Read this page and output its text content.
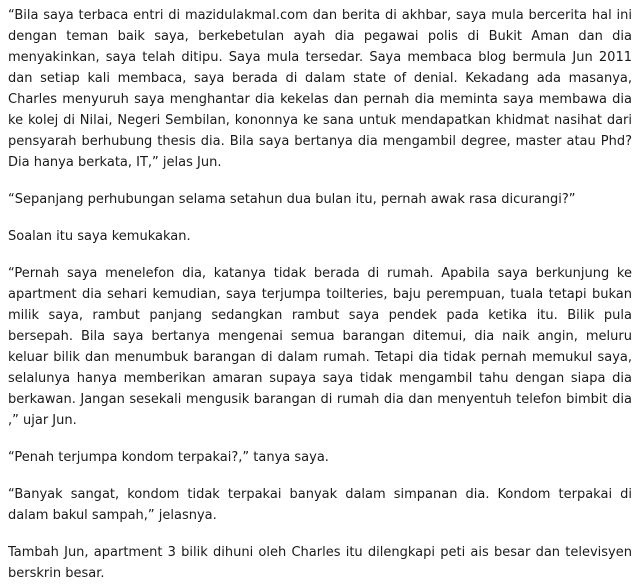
“Bila saya terbaca entri di mazidulakmal.com dan berita di akhbar, saya mula bercerita hal ini dengan teman baik saya, berkebetulan ayah dia pegawai polis di Bukit Aman dan dia menyakinkan, saya telah ditipu. Saya mula tersedar. Saya membaca blog bermula Jun 2011 dan setiap kali membaca, saya berada di dalam state of denial. Kekadang ada masanya, Charles menyuruh saya menghantar dia kekelas dan pernah dia meminta saya membawa dia ke kolej di Nilai, Negeri Sembilan, kononnya ke sana untuk mendapatkan khidmat nasihat dari pensyarah berhubung thesis dia. Bila saya bertanya dia mengambil degree, master atau Phd? Dia hanya berkata, IT,” jelas Jun.

“Sepanjang perhubungan selama setahun dua bulan itu, pernah awak rasa dicurangi?”

Soalan itu saya kemukakan.

“Pernah saya menelefon dia, katanya tidak berada di rumah. Apabila saya berkunjung ke apartment dia sehari kemudian, saya terjumpa toilteries, baju perempuan, tuala tetapi bukan milik saya, rambut panjang sedangkan rambut saya pendek pada ketika itu. Bilik pula bersepah. Bila saya bertanya mengenai semua barangan ditemui, dia naik angin, meluru keluar bilik dan menumbuk barangan di dalam rumah. Tetapi dia tidak pernah memukul saya, selalunya hanya memberikan amaran supaya saya tidak mengambil tahu dengan siapa dia berkawan. Jangan sesekali mengusik barangan di rumah dia dan menyentuh telefon bimbit dia ,” ujar Jun.

“Penah terjumpa kondom terpakai?,” tanya saya.

“Banyak sangat, kondom tidak terpakai banyak dalam simpanan dia. Kondom terpakai di dalam bakul sampah,” jelasnya.

Tambah Jun, apartment 3 bilik dihuni oleh Charles itu dilengkapi peti ais besar dan televisyen berskrin besar.
